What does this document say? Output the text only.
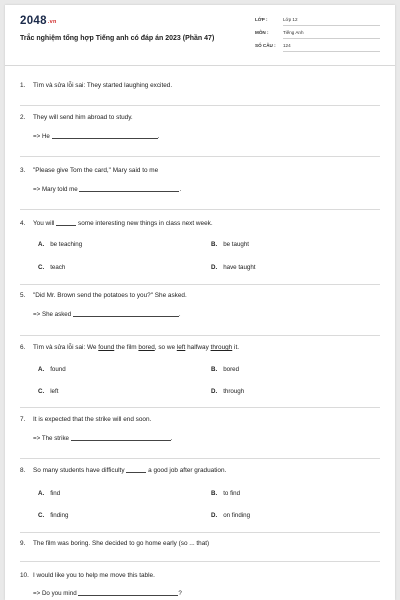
2048.vn
Trắc nghiệm tổng hợp Tiếng anh có đáp án 2023 (Phần 47)
LỚP :	Lớp 12
MÔN :	Tiếng Anh
SỐ CÂU : 124
1. Tìm và sửa lỗi sai: They started laughing excited.
2. They will send him abroad to study.
=> He	.
3. "Please give Tom the card," Mary said to me
=> Mary told me	.
4. You will	some interesting new things in class next week.
A. be teaching	B. be taught
C. teach	D. have taught
5. "Did Mr. Brown send the potatoes to you?" She asked.
=> She asked	.
6. Tìm và sửa lỗi sai: We found the film bored, so we left halfway through it.
A. found	B. bored
C. left	D. through
7. It is expected that the strike will end soon.
=> The strike	.
8. So many students have difficulty	a good job after graduation.
A. find	B. to find
C. finding	D. on finding
9. The film was boring. She decided to go home early (so ... that)
10. I would like you to help me move this table.
=> Do you mind	?
